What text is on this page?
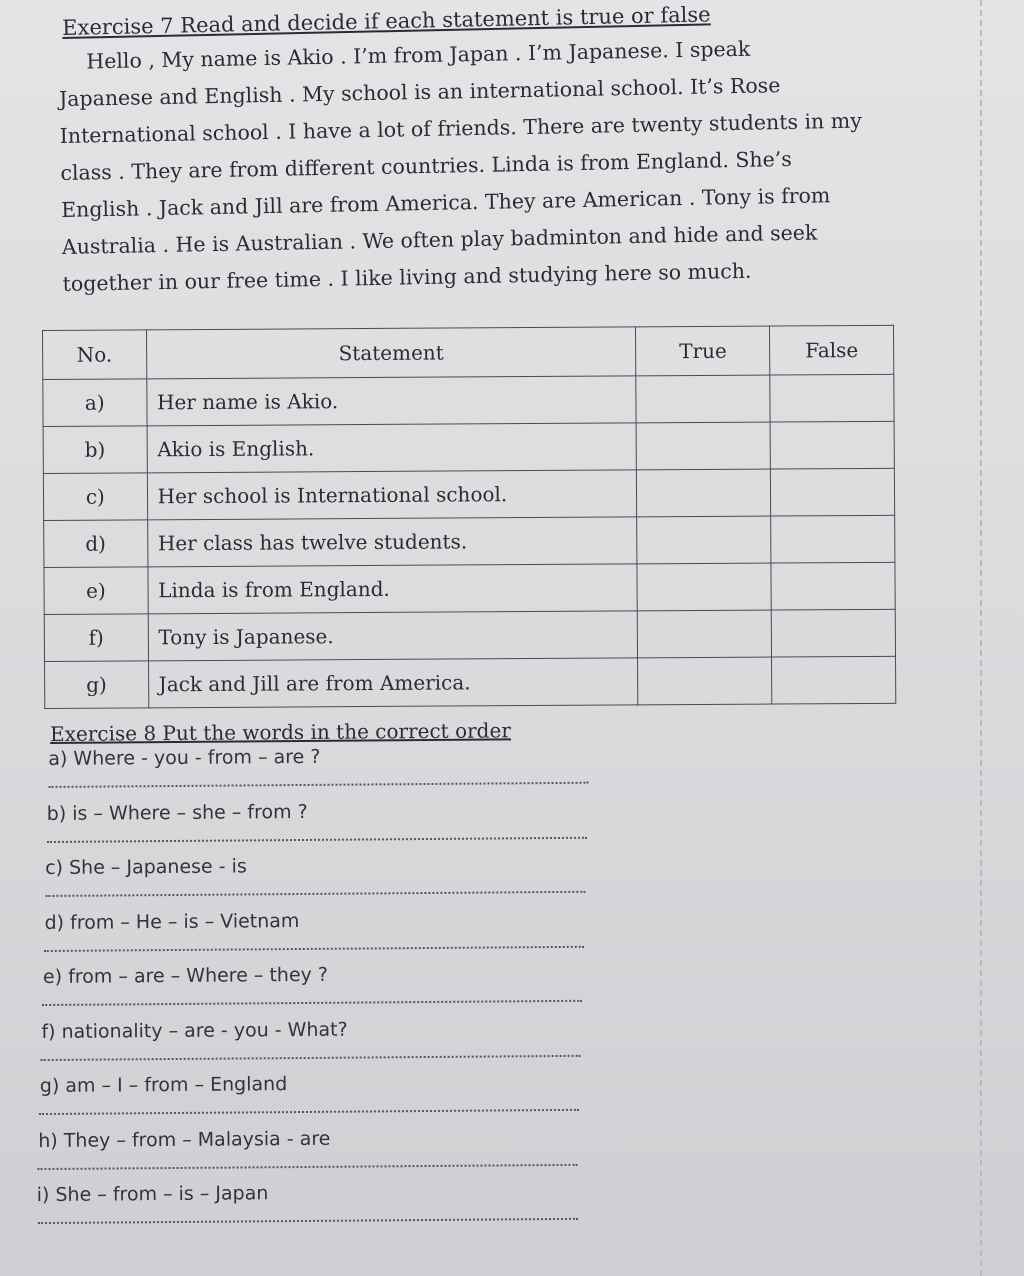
Exercise 7 Read and decide if each statement is true or false
Hello , My name is Akio . I’m from Japan . I’m Japanese. I speak
Japanese and English . My school is an international school. It’s Rose
International school . I have a lot of friends. There are twenty students in my
class . They are from different countries. Linda is from England. She’s
English . Jack and Jill are from America. They are American . Tony is from
Australia . He is Australian . We often play badminton and hide and seek
together in our free time . I like living and studying here so much.
No.	Statement	True	False
a)	Her name is Akio.		
b)	Akio is English.		
c)	Her school is International school.		
d)	Her class has twelve students.		
e)	Linda is from England.		
f)	Tony is Japanese.		
g)	Jack and Jill are from America.		
Exercise 8 Put the words in the correct order
a) Where - you - from – are ?
b) is – Where – she – from ?
c) She – Japanese - is
d) from – He – is – Vietnam
e) from – are – Where – they ?
f) nationality – are - you - What?
g) am – I – from – England
h) They – from – Malaysia - are
i) She – from – is – Japan
